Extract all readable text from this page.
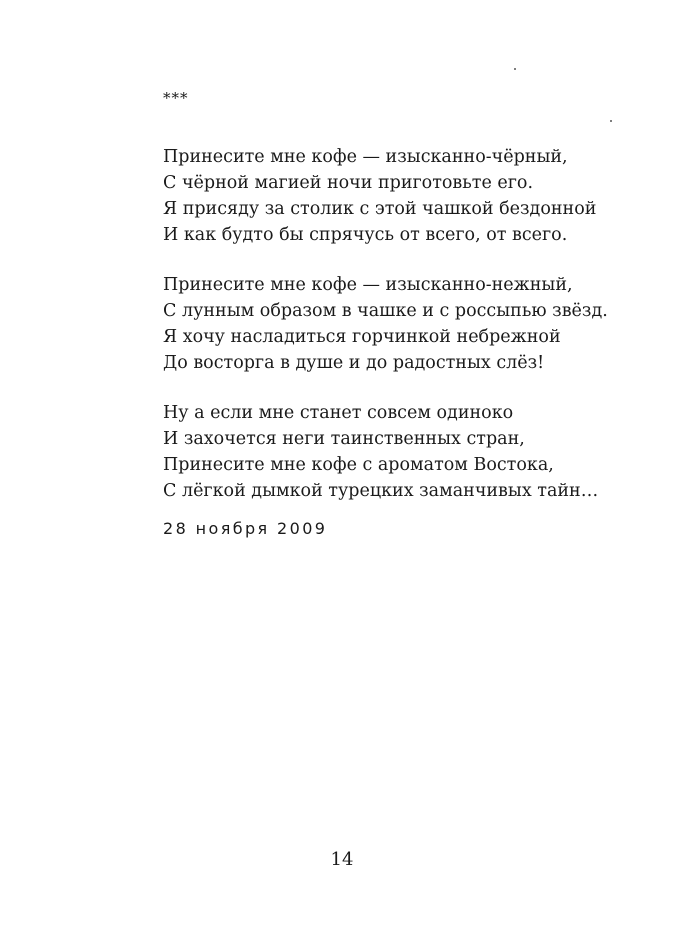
***
Принесите мне кофе — изысканно-чёрный,
С чёрной магией ночи приготовьте его.
Я присяду за столик с этой чашкой бездонной
И как будто бы спрячусь от всего, от всего.
Принесите мне кофе — изысканно-нежный,
С лунным образом в чашке и с россыпью звёзд.
Я хочу насладиться горчинкой небрежной
До восторга в душе и до радостных слёз!
Ну а если мне станет совсем одиноко
И захочется неги таинственных стран,
Принесите мне кофе с ароматом Востока,
С лёгкой дымкой турецких заманчивых тайн…
28 ноября 2009
14
